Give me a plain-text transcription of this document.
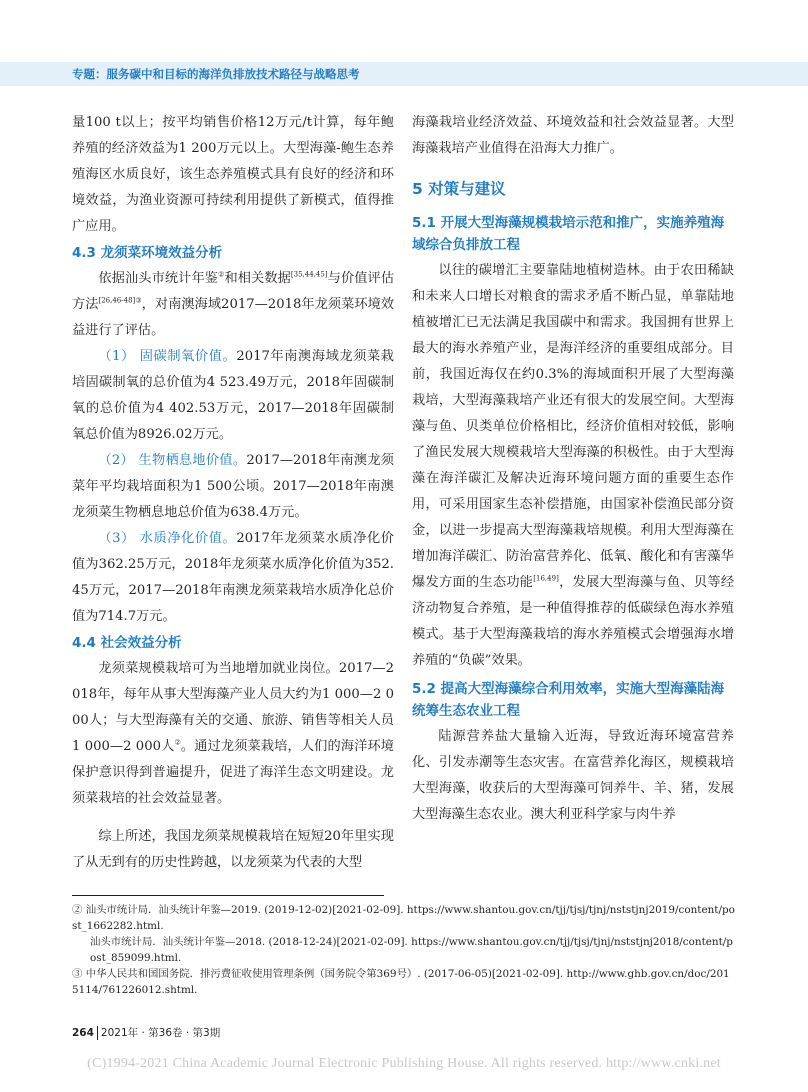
专题：服务碳中和目标的海洋负排放技术路径与战略思考

量100 t以上；按平均销售价格12万元/t计算，每年鲍养殖的经济效益为1 200万元以上。大型海藻-鲍生态养殖海区水质良好，该生态养殖模式具有良好的经济和环境效益，为渔业资源可持续利用提供了新模式，值得推广应用。

4.3 龙须菜环境效益分析

依据汕头市统计年鉴②和相关数据[35,44,45]与价值评估方法$^{[26,46-48]③}$，对南澳海域2017—2018年龙须菜环境效益进行了评估。

（1） 固碳制氧价值。2017年南澳海域龙须菜栽培固碳制氧的总价值为4 523.49万元，2018年固碳制氧的总价值为4 402.53万元，2017—2018年固碳制氧总价值为8926.02万元。

（2） 生物栖息地价值。2017—2018年南澳龙须菜年平均栽培面积为1 500公顷。2017—2018年南澳龙须菜生物栖息地总价值为638.4万元。

（3） 水质净化价值。2017年龙须菜水质净化价值为362.25万元，2018年龙须菜水质净化价值为352.45万元，2017—2018年南澳龙须菜栽培水质净化总价值为714.7万元。

4.4 社会效益分析

龙须菜规模栽培可为当地增加就业岗位。2017—2018年，每年从事大型海藻产业人员大约为1 000—2 000人；与大型海藻有关的交通、旅游、销售等相关人员1 000—2 000人②。通过龙须菜栽培，人们的海洋环境保护意识得到普遍提升，促进了海洋生态文明建设。龙须菜栽培的社会效益显著。

综上所述，我国龙须菜规模栽培在短短20年里实现了从无到有的历史性跨越，以龙须菜为代表的大型

海藻栽培业经济效益、环境效益和社会效益显著。大型海藻栽培产业值得在沿海大力推广。

5 对策与建议
5.1 开展大型海藻规模栽培示范和推广，实施养殖海域综合负排放工程

以往的碳增汇主要靠陆地植树造林。由于农田稀缺和未来人口增长对粮食的需求矛盾不断凸显，单靠陆地植被增汇已无法满足我国碳中和需求。我国拥有世界上最大的海水养殖产业，是海洋经济的重要组成部分。目前，我国近海仅在约0.3%的海域面积开展了大型海藻栽培，大型海藻栽培产业还有很大的发展空间。大型海藻与鱼、贝类单位价格相比，经济价值相对较低，影响了渔民发展大规模栽培大型海藻的积极性。由于大型海藻在海洋碳汇及解决近海环境问题方面的重要生态作用，可采用国家生态补偿措施，由国家补偿渔民部分资金，以进一步提高大型海藻栽培规模。利用大型海藻在增加海洋碳汇、防治富营养化、低氧、酸化和有害藻华爆发方面的生态功能[16,49]，发展大型海藻与鱼、贝等经济动物复合养殖，是一种值得推荐的低碳绿色海水养殖模式。基于大型海藻栽培的海水养殖模式会增强海水增养殖的“负碳”效果。

5.2 提高大型海藻综合利用效率，实施大型海藻陆海统筹生态农业工程

陆源营养盐大量输入近海，导致近海环境富营养化、引发赤潮等生态灾害。在富营养化海区，规模栽培大型海藻，收获后的大型海藻可饲养牛、羊、猪，发展大型海藻生态农业。澳大利亚科学家与肉牛养

② 汕头市统计局．汕头统计年鉴—2019. (2019-12-02)[2021-02-09]. https://www.shantou.gov.cn/tjj/tjsj/tjnj/nststjnj2019/content/post_1662282.html.

汕头市统计局．汕头统计年鉴—2018. (2018-12-24)[2021-02-09]. https://www.shantou.gov.cn/tjj/tjsj/tjnj/nststjnj2018/content/post_859099.html.

③ 中华人民共和国国务院．排污费征收使用管理条例（国务院令第369号）. (2017-06-05)[2021-02-09]. http://www.ghb.gov.cn/doc/2015114/761226012.shtml.

264 2021年 · 第36卷 · 第3期
(C)1994-2021 China Academic Journal Electronic Publishing House. All rights reserved. http://www.cnki.net
